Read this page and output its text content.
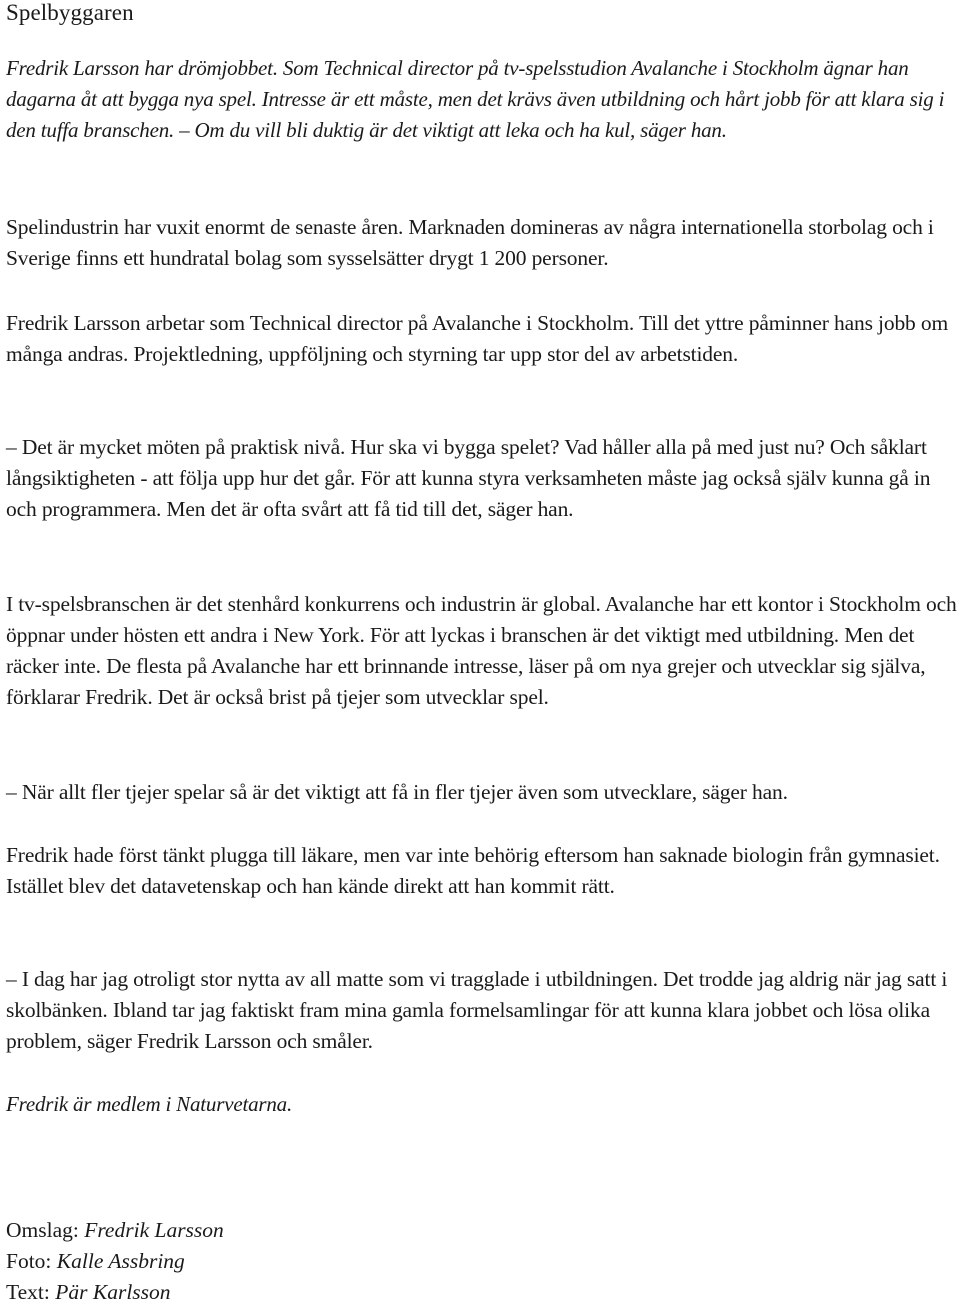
Spelbyggaren

Fredrik Larsson har drömjobbet. Som Technical director på tv-spelsstudion Avalanche i Stockholm ägnar han dagarna åt att bygga nya spel. Intresse är ett måste, men det krävs även utbildning och hårt jobb för att klara sig i den tuffa branschen. – Om du vill bli duktig är det viktigt att leka och ha kul, säger han.

Spelindustrin har vuxit enormt de senaste åren. Marknaden domineras av några internationella storbolag och i Sverige finns ett hundratal bolag som sysselsätter drygt 1 200 personer.

Fredrik Larsson arbetar som Technical director på Avalanche i Stockholm. Till det yttre påminner hans jobb om många andras. Projektledning, uppföljning och styrning tar upp stor del av arbetstiden.

– Det är mycket möten på praktisk nivå. Hur ska vi bygga spelet? Vad håller alla på med just nu? Och såklart långsiktigheten - att följa upp hur det går. För att kunna styra verksamheten måste jag också själv kunna gå in och programmera. Men det är ofta svårt att få tid till det, säger han.

I tv-spelsbranschen är det stenhård konkurrens och industrin är global. Avalanche har ett kontor i Stockholm och öppnar under hösten ett andra i New York. För att lyckas i branschen är det viktigt med utbildning. Men det räcker inte. De flesta på Avalanche har ett brinnande intresse, läser på om nya grejer och utvecklar sig själva, förklarar Fredrik. Det är också brist på tjejer som utvecklar spel.

– När allt fler tjejer spelar så är det viktigt att få in fler tjejer även som utvecklare, säger han.

Fredrik hade först tänkt plugga till läkare, men var inte behörig eftersom han saknade biologin från gymnasiet. Istället blev det datavetenskap och han kände direkt att han kommit rätt.

– I dag har jag otroligt stor nytta av all matte som vi tragglade i utbildningen. Det trodde jag aldrig när jag satt i skolbänken. Ibland tar jag faktiskt fram mina gamla formelsamlingar för att kunna klara jobbet och lösa olika problem, säger Fredrik Larsson och småler.

Fredrik är medlem i Naturvetarna.

Omslag: Fredrik Larsson
Foto: Kalle Assbring
Text: Pär Karlsson
